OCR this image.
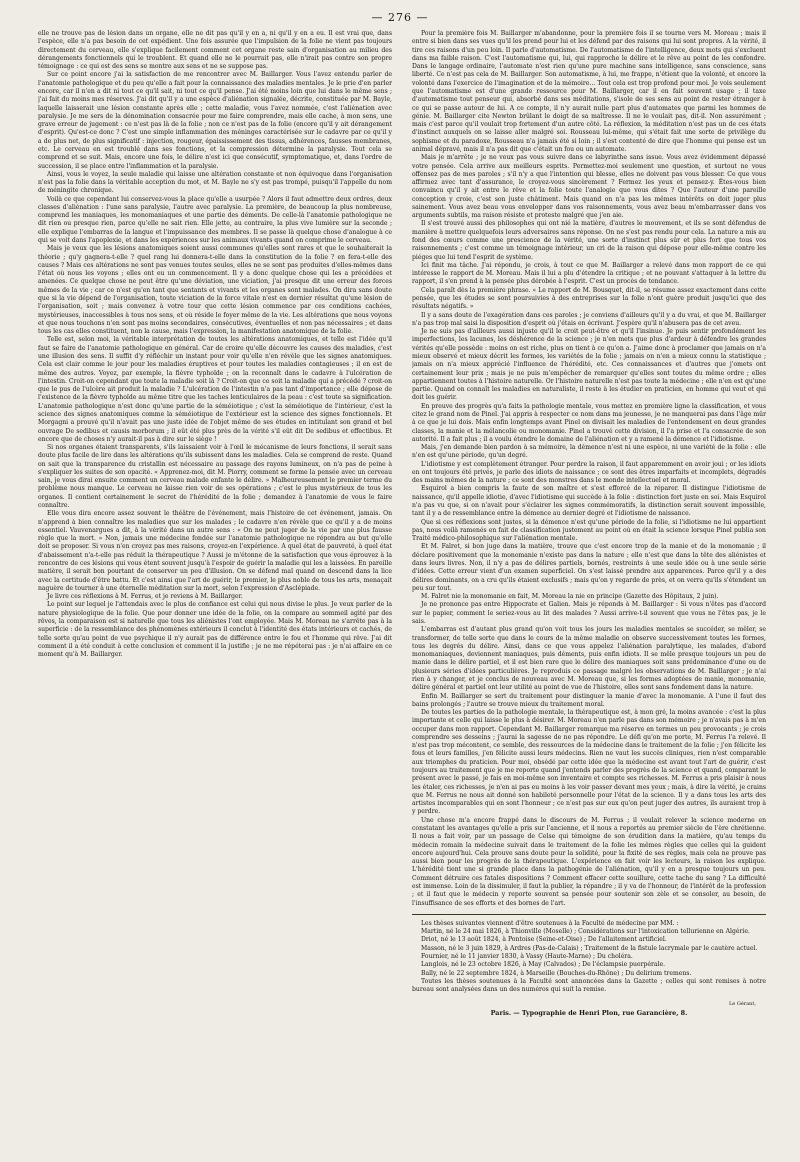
— 276 —

elle ne trouve pas de lésion dans un organe, elle ne dit pas qu'il y en a, ni qu'il y en a eu. Il est vrai que, dans l'espèce, elle n'a pas besoin de cet expédient. Une fois assurée que l'impulsion de la folie ne vient pas toujours directement du cerveau, elle s'explique facilement comment cet organe reste sain d'organisation au milieu des dérangements fonctionnels qui le troublent. Et quand elle ne le pourrait pas, elle n'irait pas contre son propre témoignage : ce qui est des sens se montre aux sens et ne se suppose pas.

Sur ce point encore j'ai la satisfaction de me rencontrer avec M. Baillarger. Vous l'avez entendu parler de l'anatomie pathologique et du peu qu'elle a fait pour la connaissance des maladies mentales. Je le prie d'en parler encore, car il n'en a dit ni tout ce qu'il sait, ni tout ce qu'il pense. J'ai été moins loin que lui dans le même sens ; j'ai fait du moins mes réserves. J'ai dit qu'il y a une espèce d'aliénation signalée, décrite, constituée par M. Bayle, laquelle laisserait une lésion constante après elle ; cette maladie, vous l'avez nommée, c'est l'aliénation avec paralysie. Je me sers de la dénomination consacrée pour me faire comprendre, mais elle cache, à mon sens, une grave erreur de jugement : ce n'est pas là de la folie ; non ce n'est pas de la folie (encore qu'il y ait dérangement d'esprit). Qu'est-ce donc ? C'est une simple inflammation des méninges caractérisée sur le cadavre par ce qu'il y a de plus net, de plus significatif : injection, rougeur, épaississement des tissus, adhérences, fausses membranes, etc. Le cerveau en est troublé dans ses fonctions, et la compression détermine la paralysie. Tout cela se comprend et se suit. Mais, encore une fois, le délire n'est ici que consécutif, symptomatique, et, dans l'ordre de succession, il se place entre l'inflammation et la paralysie.

Ainsi, vous le voyez, la seule maladie qui laisse une altération constante et non équivoque dans l'organisation n'est pas la folie dans la véritable acception du mot, et M. Bayle ne s'y est pas trompé, puisqu'il l'appelle du nom de méningite chronique.

Voilà ce que cependant lui conservez-vous la place qu'elle a usurpée ? Alors il faut admettre deux ordres, deux classes d'aliénation : l'une sans paralysie, l'autre avec paralysie. La première, de beaucoup la plus nombreuse, comprend les maniaques, les monomaniaques et une partie des déments. De celle-là l'anatomie pathologique ne dit rien ou presque rien, parce qu'elle ne sait rien. Elle jette, au contraire, la plus vive lumière sur la seconde ; elle explique l'embarras de la langue et l'impuissance des membres. Il se passe là quelque chose d'analogue à ce qui se voit dans l'apoplexie, et dans les expériences sur les animaux vivants quand on comprime le cerveau.

Mais je veux que les lésions anatomiques soient aussi communes qu'elles sont rares et que le souhaiterait la théorie ; qu'y gagnera-t-elle ? quel rang lui donnera-t-elle dans la constitution de la folie ? en fera-t-elle des causes ? Mais ces altérations ne sont pas venues toutes seules, elles ne se sont pas produites d'elles-mêmes dans l'état où nous les voyons ; elles ont eu un commencement. Il y a donc quelque chose qui les a précédées et amenées. Ce quelque chose ne peut être qu'une déviation, une viciation, j'ai presque dit une erreur des forces mêmes de la vie ; car ce n'est qu'en tant que sentants et vivants et les organes sont malades. On dira sans doute que si la vie dépend de l'organisation, toute viciation de la force vitale n'est en dernier résultat qu'une lésion de l'organisation, soit ; mais convenez à votre tour que cette lésion commence par ces conditions cachées, mystérieuses, inaccessibles à tous nos sens, et où réside le foyer même de la vie. Les altérations que nous voyons et que nous touchons n'en sont pas moins secondaires, consécutives, éventuelles et non pas nécessaires ; et dans tous les cas elles constituent, non la cause, mais l'expression, la manifestation anatomique de la folie.

Telle est, selon moi, la véritable interprétation de toutes les altérations anatomiques, et telle est l'idée qu'il faut se faire de l'anatomie pathologique en général. Car de croire qu'elle découvre les causes des maladies, c'est une illusion des sens. Il suffit d'y réfléchir un instant pour voir qu'elle n'en révèle que les signes anatomiques. Cela est clair comme le jour pour les maladies éruptives et pour toutes les maladies contagieuses ; il en est de même des autres. Voyez, par exemple, la fièvre typhoïde ; on la reconnaît dans le cadavre à l'ulcération de l'intestin. Croit-on cependant que toute la maladie soit là ? Croit-on que ce soit la maladie qui a précédé ? croit-on que le pus de l'ulcère ait produit la maladie ? L'ulcération de l'intestin n'a pas tant d'importance ; elle dépose de l'existence de la fièvre typhoïde au même titre que les taches lenticulaires de la peau : c'est toute sa signification. L'anatomie pathologique n'est donc qu'une partie de la séméiotique ; c'est la séméiotique de l'intérieur, c'est la science des signes anatomiques comme la séméiotique de l'extérieur est la science des signes fonctionnels. Et Morgagni a prouvé qu'il n'avait pas une juste idée de l'objet même de ses études en intitulant son grand et bel ouvrage De sedibus et causis morborum ; il eût été plus près de la vérité s'il eût dit De sedibus et effectibus. Et encore que de choses n'y aurait-il pas à dire sur le siège !

Si nos organes étaient transparents, s'ils laissaient voir à l'œil le mécanisme de leurs fonctions, il serait sans doute plus facile de lire dans les altérations qu'ils subissent dans les maladies. Cela se comprend de reste. Quand on sait que la transparence du cristallin est nécessaire au passage des rayons lumineux, on n'a pas de peine à s'expliquer les suites de son opacité. « Apprenez-moi, dit M. Piorry, comment se forme la pensée avec un cerveau sain, je vous dirai ensuite comment un cerveau malade enfante le délire. » Malheureusement le premier terme du problème nous manque. Le cerveau ne laisse rien voir de ses opérations ; c'est le plus mystérieux de tous les organes. Il contient certainement le secret de l'hérédité de la folie ; demandez à l'anatomie de vous le faire connaître.

Elle vous dira encore assez souvent le théâtre de l'événement, mais l'histoire de cet événement, jamais. On n'apprend à bien connaître les maladies que sur les malades ; le cadavre n'en révèle que ce qu'il y a de moins essentiel. Vauvenargues a dit, à la vérité dans un autre sens : « On ne peut juger de la vie par une plus fausse règle que la mort. » Non, jamais une médecine fondée sur l'anatomie pathologique ne répondra au but qu'elle doit se proposer. Si vous n'en croyez pas mes raisons, croyez-en l'expérience. A quel état de pauvreté, à quel état d'abaissement n'a-t-elle pas réduit la thérapeutique ? Aussi je m'étonne de la satisfaction que vous éprouvez à la rencontre de ces lésions qui vous étent souvent jusqu'à l'espoir de guérir la maladie qui les a laissées. En pareille matière, il serait bon pourtant de conserver un peu d'illusion. On se défend mal quand on descend dans la lice avec la certitude d'être battu. Et c'est ainsi que l'art de guérir, le premier, le plus noble de tous les arts, menaçait naguère de tourner à une éternelle méditation sur la mort, selon l'expression d'Asclépiade.

Je livre ces réflexions à M. Ferrus, et je reviens à M. Baillarger.

Le point sur lequel je l'attendais avec le plus de confiance est celui qui nous divise le plus. Je veux parler de la nature physiologique de la folie. Que pour donner une idée de la folie, on la compare au sommeil agité par des rêves, la comparaison est si naturelle que tous les aliénistes l'ont employée. Mais M. Moreau ne s'arrête pas à la superficie : de la ressemblance des phénomènes extérieurs il conclut à l'identité des états intérieurs et cachés, de telle sorte qu'au point de vue psychique il n'y aurait pas de différence entre le fou et l'homme qui rêve. J'ai dit comment il a été conduit à cette conclusion et comment il la justifie ; je ne me répéterai pas : je n'ai affaire en ce moment qu'à M. Baillarger.

Pour la première fois M. Baillarger m'abandonne, pour la première fois il se tourne vers M. Moreau ; mais il entre si bien dans ses vues qu'il les prend pour lui et les défend par des raisons qui lui sont propres. A la vérité, il tire ces raisons d'un peu loin. Il parle d'automatisme. De l'automatisme de l'intelligence, deux mots qui s'excluent dans ma faible raison. C'est l'automatisme qui, lui, qui rapproche le délire et le rêve au point de les confondre. Dans le langage ordinaire, l'automate n'est rien qu'une pure machine sans intelligence, sans conscience, sans liberté. Ce n'est pas cela de M. Baillarger. Son automatisme, à lui, me frappe, n'étient que la volonté, et encore la volonté dans l'exercice de l'imagination et de la mémoire... Tout cela est trop profond pour moi. Je vois seulement que l'automatisme est d'une grande ressource pour M. Baillarger, car il en fait souvent usage ; il taxe d'automatisme tout penseur qui, absorbé dans ses méditations, s'isole de ses sens au point de rester étranger à ce qui se passe autour de lui. A ce compte, il n'y aurait nulle part plus d'automates que parmi les hommes de génie. M. Baillarger cite Newton brûlant le doigt de sa maîtresse. Il ne le voulait pas, dit-il. Non assurément ; mais c'est parce qu'il voulait trop fortement d'un autre côté. La réflexion, la méditation n'est pas un de ces états d'instinct auxquels on se laisse aller malgré soi. Rousseau lui-même, qui s'était fait une sorte de privilège du sophisme et du paradoxe, Rousseau n'a jamais été si loin ; il s'est contenté de dire que l'homme qui pense est un animal dépravé, mais il n'a pas dit que c'était un fou ou un automate.

Mais je m'arrête ; je ne veux pas vous suivre dans ce labyrinthe sans issue. Vous avez évidemment dépassé votre pensée. Cela arrive aux meilleurs esprits. Permettez-moi seulement une question, et surtout ne vous offensez pas de mes paroles ; s'il n'y a que l'intention qui blesse, elles ne doivent pas vous blesser. Ce que vous affirmez avec tant d'assurance, le croyez-vous sincèrement ? Fermez les yeux et pensez-y. Êtes-vous bien convaincu qu'il y ait entre le rêve et la folie toute l'analogie que vous dites ? Que l'auteur d'une pareille conception y croie, c'est son juste châtiment. Mais quand on n'a pas les mêmes intérêts on doit juger plus sainement. Vous avez beau vous envelopper dans vos raisonnements, vous avez beau m'embarrasser dans vos arguments subtils, ma raison résiste et proteste malgré que j'en aie.

Il s'est trouvé aussi des philosophes qui ont nié la matière, d'autres le mouvement, et ils se sont défendus de manière à mettre quelquefois leurs adversaires sans réponse. On ne s'est pas rendu pour cela. La nature a mis au fond des cœurs comme une prescience de la vérité, une sorte d'instinct plus sûr et plus fort que tous vos raisonnements ; c'est comme un témoignage intérieur, un cri de la raison qui dépose pour elle-même contre les piéges que lui tend l'esprit de système.

Ici finit ma tâche. J'ai répondu, je crois, à tout ce que M. Baillarger a relevé dans mon rapport de ce qui intéresse le rapport de M. Moreau. Mais il lui a plu d'étendre la critique ; et ne pouvant s'attaquer à la lettre du rapport, il s'en prend à la pensée plus dérobée à l'esprit. C'est un procès de tendance.

Cela paraît dès la première phrase. « Le rapport de M. Bousquet, dit-il, se résume assez exactement dans cette pensée, que les études se sont poursuivies à des entreprises sur la folie n'ont guère produit jusqu'ici que des résultats négatifs. »

Il y a sans doute de l'exagération dans ces paroles ; je conviens d'ailleurs qu'il y a du vrai, et que M. Baillarger n'a pas trop mal saisi la disposition d'esprit où j'étais en écrivant. J'espère qu'il n'abusera pas de cet aveu.

Je ne suis pas d'ailleurs aussi injuste qu'il le croit peut-être et qu'il l'insinue. Je puis sentir profondément les imperfections, les lacunes, les déshérence de la science ; je n'en mets que plus d'ardeur à défendre les grandes vérités qu'elle possède : moins on est riche, plus on tient à ce qu'on a. J'aime donc à proclamer que jamais on n'a mieux observé et mieux décrit les formes, les variétés de la folie ; jamais on n'en a mieux connu la statistique ; jamais on n'a mieux apprécié l'influence de l'hérédité, etc. Ces connaissances et d'autres que j'omets ont certainement leur prix ; mais je ne puis m'empêcher de remarquer qu'elles sont toutes du même ordre ; elles appartiennent toutes à l'histoire naturelle. Or l'histoire naturelle n'est pas toute la médecine ; elle n'en est qu'une partie. Quand on connaît les maladies en naturaliste, il reste à les étudier en praticien, en homme qui veut et qui doit les guérir.

En preuve des progrès qu'a faits la pathologie mentale, vous mettez en première ligne la classification, et vous citez le grand nom de Pinel. J'ai appris à respecter ce nom dans ma jeunesse, je ne manquerai pas dans l'âge mûr à ce que je lui dois. Mais enfin longtemps avant Pinel on divisait les maladies de l'entendement en deux grandes classes, la manie et la mélancolie ou monomanie. Pinel a trouvé cette division, il l'a prise et l'a consacrée de son autorité. Il a fait plus ; il a voulu étendre le domaine de l'aliénation et y a ramené la démence et l'idiotisme.

Mais, j'en demande bien pardon à sa mémoire, la démence n'est ni une espèce, ni une variété de la folie : elle n'en est qu'une période, qu'un degré.

L'idiotisme y est complètement étranger. Pour perdre la raison, il faut apparemment en avoir joui ; or les idiots en ont toujours été privés, je parle des idiots de naissance ; ce sont des êtres imparfaits et incomplets, dégradés des mains mêmes de la nature ; ce sont des monstres dans le monde intellectuel et moral.

Esquirol a bien compris la faute de son maître et s'est efforcé de la réparer. Il distingue l'idiotisme de naissance, qu'il appelle idiotie, d'avec l'idiotisme qui succède à la folie : distinction fort juste en soi. Mais Esquirol n'a pas vu que, si on n'avait pour s'éclairer les signes commémoratifs, la distinction serait souvent impossible, tant il y a de ressemblance entre la démence au dernier degré et l'idiotisme de naissance.

Que si ces réflexions sont justes, si la démence n'est qu'une période de la folie, si l'idiotisme ne lui appartient pas, nous voilà ramenés en fait de classification justement au point où en était la science lorsque Pinel publia son Traité médico-philosophique sur l'aliénation mentale.

Et M. Falret, si bon juge dans la matière, trouve que c'est encore trop de la manie et de la monomanie ; il déclare positivement que la monomanie n'existe pas dans la nature ; elle n'est que dans la tête des aliénistes et dans leurs livres. Non, il n'y a pas de délires partiels, bornés, restreints à une seule idée ou à une seule série d'idées. Cette erreur vient d'un examen superficiel. On s'est laissé prendre aux apparences. Parce qu'il y a des délires dominants, on a cru qu'ils étaient exclusifs ; mais qu'on y regarde de près, et on verra qu'ils s'étendent un peu sur tout.

M. Falret nie la monomanie en fait, M. Moreau la nie en principe (Gazette des Hôpitaux, 2 juin).

Je ne prononce pas entre Hippocrate et Galien. Mais je réponds à M. Baillarger : Si vous n'êtes pas d'accord sur le papier, comment le seriez-vous au lit des malades ? Aussi arrive-t-il souvent que vous ne l'êtes pas, je le sais.

L'embarras est d'autant plus grand qu'on voit tous les jours les maladies mentales se succéder, se mêler, se transformer, de telle sorte que dans le cours de la même maladie on observe successivement toutes les formes, tous les degrés du délire. Ainsi, dans ce que vous appelez l'aliénation paralytique, les malades, d'abord monomaniaques, deviennent maniaques, puis déments, puis enfin idiots. Il se mêle presque toujours un peu de manie dans le délire partiel, et il est bien rare que le délire des maniaques soit sans prédominance d'une ou de plusieurs séries d'idées particulières. Je reproduis ce passage malgré les observations de M. Baillarger ; je n'ai rien à y changer, et je conclus de nouveau avec M. Moreau que, si les formes adoptées de manie, monomanie, délire général et partiel ont leur utilité au point de vue de l'histoire, elles sont sans fondement dans la nature.

Enfin M. Baillarger se sert du traitement pour distinguer la manie d'avec la monomanie. A l'une il faut des bains prolongés ; l'autre se trouve mieux du traitement moral.

De toutes les parties de la pathologie mentale, la thérapeutique est, à mon gré, la moins avancée : c'est la plus importante et celle qui laisse le plus à désirer. M. Moreau n'en parle pas dans son mémoire ; je n'avais pas à m'en occuper dans mon rapport. Cependant M. Baillarger remarque ma réserve en termes un peu provocants ; je crois comprendre ses desseins ; j'aurai la sagesse de ne pas répondre. Le défi qu'on me porte, M. Ferrus l'a relevé. Il n'est pas trop mécontent, ce semble, des ressources de la médecine dans le traitement de la folie ; j'en félicite les fous et leurs familles, j'en félicite aussi leurs médecins. Rien ne vaut les succès cliniques, rien n'est comparable aux triomphes du praticien. Pour moi, obsédé par cette idée que la médecine est avant tout l'art de guérir, c'est toujours au traitement que je me reporte quand j'entends parler des progrès de la science et quand, comparant le présent avec le passé, je fais en moi-même son inventaire et compte ses richesses. M. Ferrus a pris plaisir à nous les étaler, ces richesses, je n'en ai pas eu moins à les voir passer devant mes yeux ; mais, à dire la vérité, je crains que M. Ferrus ne nous ait donné son habileté personnelle pour l'état de la science. Il y a dans tous les arts des artistes incomparables qui en sont l'honneur ; ce n'est pas sur eux qu'on peut juger des autres, ils auraient trop à y perdre.

Une chose m'a encore frappé dans le discours de M. Ferrus ; il voulait relever la science moderne en constatant les avantages qu'elle a pris sur l'ancienne, et il nous a reportés au premier siècle de l'ère chrétienne. Il nous a fait voir, par un passage de Celse qui témoigne de son érudition dans la matière, qu'au temps du médecin romain la médecine suivait dans le traitement de la folie les mêmes règles que celles qui la guident encore aujourd'hui. Cela prouve sans doute pour la solidité, pour la fixité de ses règles, mais cela ne prouve pas aussi bien pour les progrès de la thérapeutique. L'expérience en fait voir les lecteurs, la raison les explique. L'hérédité tient une si grande place dans la pathogénie de l'aliénation, qu'il y en a presque toujours un peu. Comment détruire ces fatales dispositions ? Comment effacer cette souillure, cette tache du sang ? La difficulté est immense. Loin de la dissimuler, il faut la publier, la répandre ; il y va de l'honneur, de l'intérêt de la profession ; et il faut que le médecin y reporte souvent sa pensée pour soutenir son zèle et se consoler, au besoin, de l'insuffisance de ses efforts et des bornes de l'art.

Les thèses suivantes viennent d'être soutenues à la Faculté de médecine par MM. :

Martin, né le 24 mai 1826, à Thionville (Moselle) ; Considérations sur l'intoxication tellurienne en Algérie.

Driot, né le 13 août 1824, à Pontoise (Seine-et-Oise) ; De l'allaitement artificiel.

Masson, né le 3 juin 1829, à Ardres (Pas-de-Calais) ; Traitement de la fistule lacrymale par le cautère actuel.

Fournier, né le 11 janvier 1830, à Vassy (Haute-Marne) ; Du choléra.

Langlois, né le 23 octobre 1826, à May (Calvados) ; De l'éclampsie puerpérale.

Bally, né le 22 septembre 1824, à Marseille (Bouches-du-Rhône) ; Du delirium tremens.

Toutes les thèses soutenues à la Faculté sont annoncées dans la Gazette ; celles qui sont remises à notre bureau sont analysées dans un des numéros qui suit la remise.

Le Gérant,
Paris. — Typographie de Henri Plon, rue Garancière, 8.
